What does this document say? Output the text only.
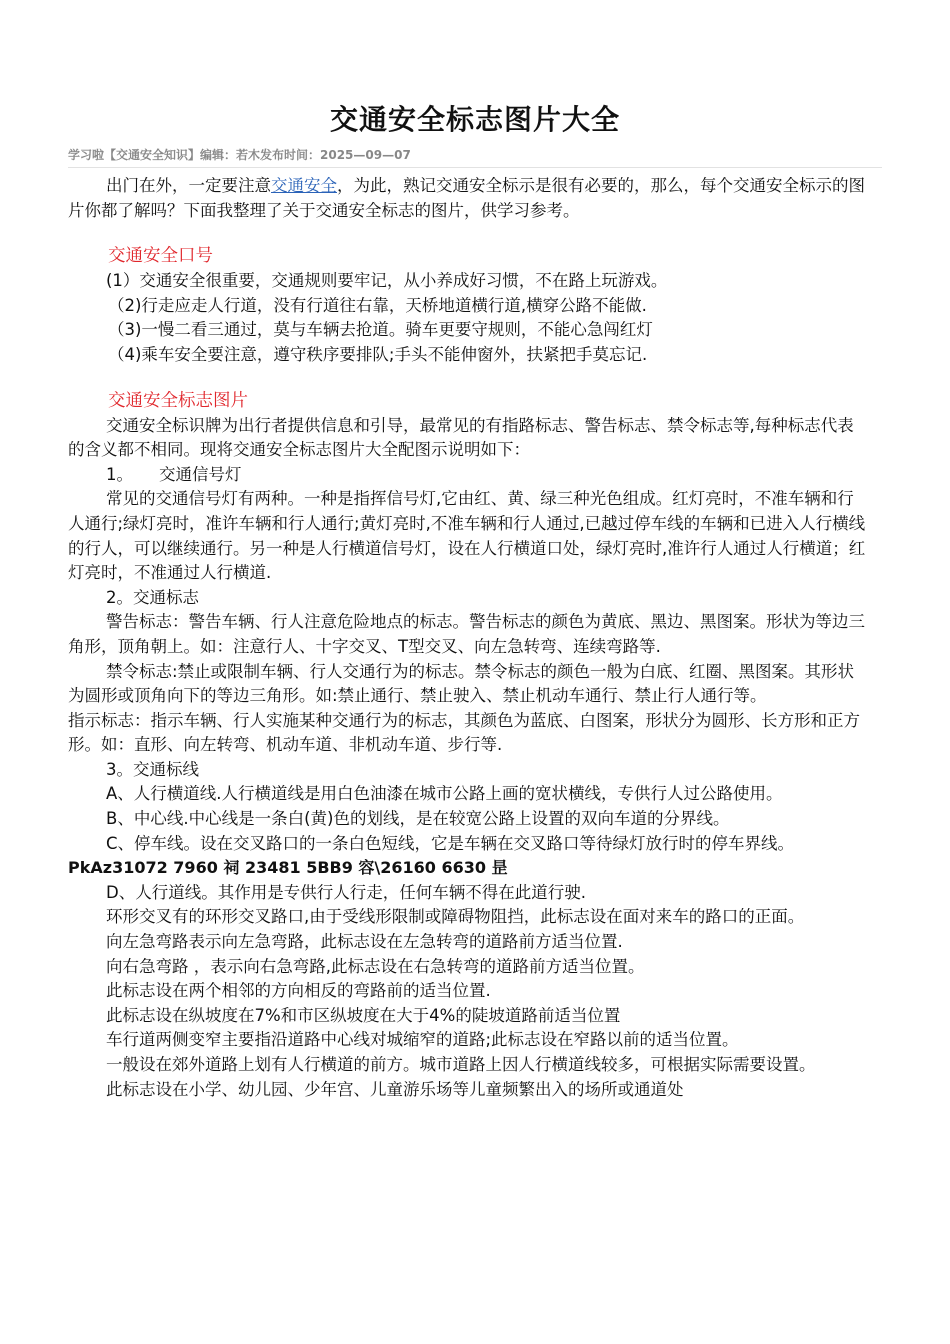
交通安全标志图片大全
学习啦【交通安全知识】编辑：若木发布时间：2025—09—07

出门在外，一定要注意交通安全，为此，熟记交通安全标示是很有必要的，那么，每个交通安全标示的图片你都了解吗？下面我整理了关于交通安全标志的图片，供学习参考。

交通安全口号

(1）交通安全很重要，交通规则要牢记，从小养成好习惯，不在路上玩游戏。

（2)行走应走人行道，没有行道往右靠，天桥地道横行道,横穿公路不能做.

（3)一慢二看三通过，莫与车辆去抢道。骑车更要守规则，不能心急闯红灯

（4)乘车安全要注意，遵守秩序要排队;手头不能伸窗外，扶紧把手莫忘记.

交通安全标志图片

交通安全标识牌为出行者提供信息和引导，最常见的有指路标志、警告标志、禁令标志等,每种标志代表的含义都不相同。现将交通安全标志图片大全配图示说明如下：

1。 交通信号灯

常见的交通信号灯有两种。一种是指挥信号灯,它由红、黄、绿三种光色组成。红灯亮时，不准车辆和行人通行;绿灯亮时，准许车辆和行人通行;黄灯亮时,不准车辆和行人通过,已越过停车线的车辆和已进入人行横线的行人，可以继续通行。另一种是人行横道信号灯，设在人行横道口处，绿灯亮时,准许行人通过人行横道；红灯亮时，不准通过人行横道.

2。交通标志

警告标志：警告车辆、行人注意危险地点的标志。警告标志的颜色为黄底、黑边、黑图案。形状为等边三角形，顶角朝上。如：注意行人、十字交叉、T型交叉、向左急转弯、连续弯路等.

禁令标志:禁止或限制车辆、行人交通行为的标志。禁令标志的颜色一般为白底、红圈、黑图案。其形状为圆形或顶角向下的等边三角形。如:禁止通行、禁止驶入、禁止机动车通行、禁止行人通行等。

指示标志：指示车辆、行人实施某种交通行为的标志，其颜色为蓝底、白图案，形状分为圆形、长方形和正方形。如：直形、向左转弯、机动车道、非机动车道、步行等.

3。交通标线

A、人行横道线.人行横道线是用白色油漆在城市公路上画的宽状横线，专供行人过公路使用。

B、中心线.中心线是一条白(黄)色的划线，是在较宽公路上设置的双向车道的分界线。

C、停车线。设在交叉路口的一条白色短线，它是车辆在交叉路口等待绿灯放行时的停车界线。

PkAz31072 7960 祠 23481 5BB9 容\26160 6630 昰

D、人行道线。其作用是专供行人行走，任何车辆不得在此道行驶.

环形交叉有的环形交叉路口,由于受线形限制或障碍物阻挡，此标志设在面对来车的路口的正面。

向左急弯路表示向左急弯路，此标志设在左急转弯的道路前方适当位置.

向右急弯路 ，表示向右急弯路,此标志设在右急转弯的道路前方适当位置。

此标志设在两个相邻的方向相反的弯路前的适当位置.

此标志设在纵坡度在7%和市区纵坡度在大于4%的陡坡道路前适当位置

车行道两侧变窄主要指沿道路中心线对城缩窄的道路;此标志设在窄路以前的适当位置。

一般设在郊外道路上划有人行横道的前方。城市道路上因人行横道线较多，可根据实际需要设置。

此标志设在小学、幼儿园、少年宫、儿童游乐场等儿童频繁出入的场所或通道处
